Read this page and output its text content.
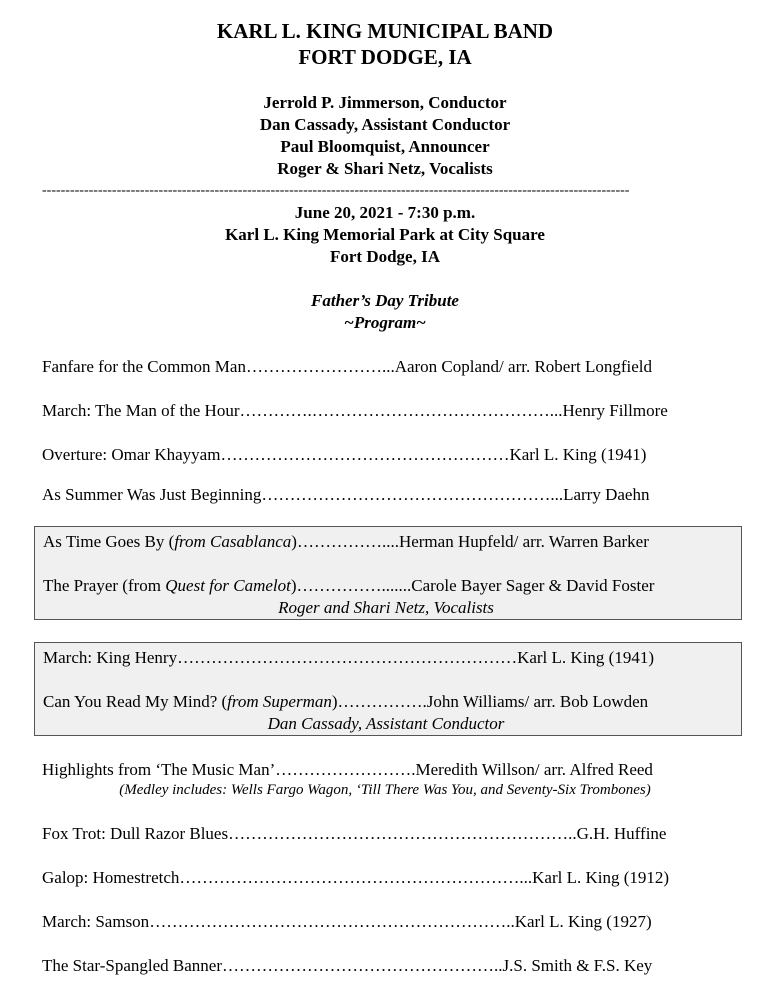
KARL L. KING MUNICIPAL BAND
FORT DODGE, IA
Jerrold P. Jimmerson, Conductor
Dan Cassady, Assistant Conductor
Paul Bloomquist, Announcer
Roger & Shari Netz, Vocalists
------------------------------------------------------------------------------------------------------------------------------
June 20, 2021 - 7:30 p.m.
Karl L. King Memorial Park at City Square
Fort Dodge, IA
Father’s Day Tribute
~Program~
Fanfare for the Common Man……………………...Aaron Copland/ arr. Robert Longfield
March: The Man of the Hour………….……………………………………...Henry Fillmore
Overture: Omar Khayyam……………………………………………Karl L. King (1941)
As Summer Was Just Beginning……………………………………………...Larry Daehn
As Time Goes By (from Casablanca)……………....Herman Hupfeld/ arr. Warren Barker
The Prayer (from Quest for Camelot)…………….......Carole Bayer Sager & David Foster
Roger and Shari Netz, Vocalists
March: King Henry……………………………………………………Karl L. King (1941)
Can You Read My Mind? (from Superman)…………….John Williams/ arr. Bob Lowden
Dan Cassady, Assistant Conductor
Highlights from ‘The Music Man’…………………….Meredith Willson/ arr. Alfred Reed
(Medley includes: Wells Fargo Wagon, ‘Till There Was You, and Seventy-Six Trombones)
Fox Trot: Dull Razor Blues……………………………………………………..G.H. Huffine
Galop: Homestretch……………………………………………………...Karl L. King (1912)
March: Samson………………………………………………………..Karl L. King (1927)
The Star-Spangled Banner…………………………………………..J.S. Smith & F.S. Key
